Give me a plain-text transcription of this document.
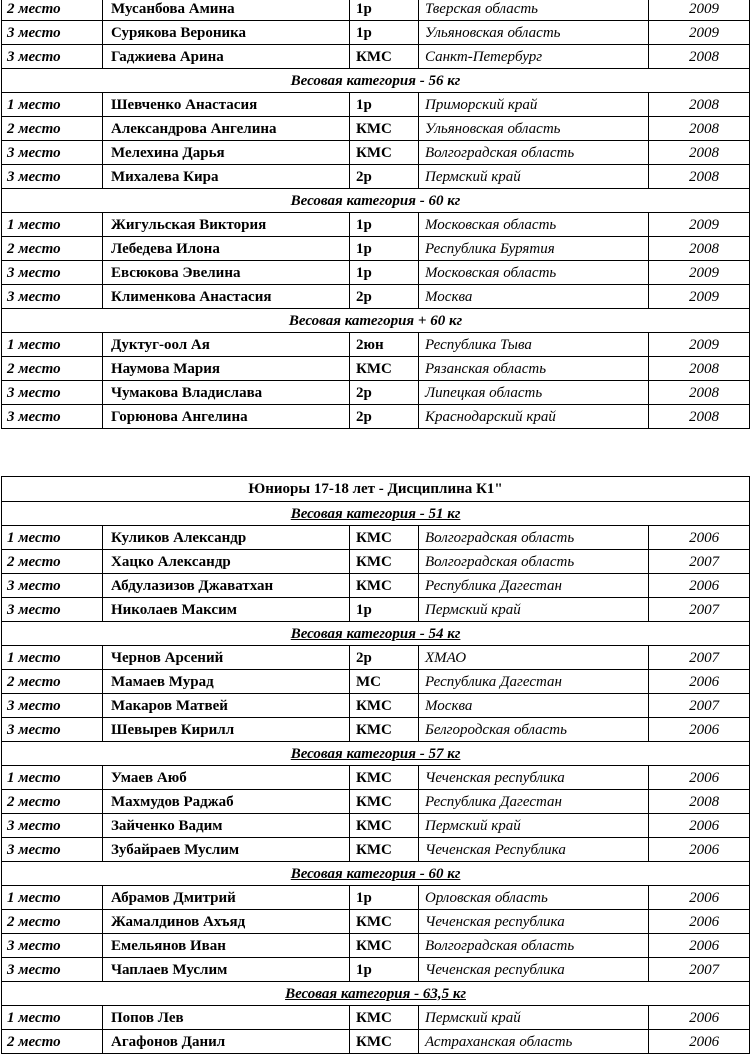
2 место	Мусанбова Амина	1р	Тверская область	2009
3 место	Сурякова Вероника	1р	Ульяновская область	2009
3 место	Гаджиева Арина	КМС	Санкт-Петербург	2008
Весовая категория - 56 кг				
1 место	Шевченко Анастасия	1р	Приморский край	2008
2 место	Александрова Ангелина	КМС	Ульяновская область	2008
3 место	Мелехина Дарья	КМС	Волгоградская область	2008
3 место	Михалева Кира	2р	Пермский край	2008
Весовая категория - 60 кг				
1 место	Жигульская Виктория	1р	Московская область	2009
2 место	Лебедева Илона	1р	Республика Бурятия	2008
3 место	Евсюкова Эвелина	1р	Московская область	2009
3 место	Клименкова Анастасия	2р	Москва	2009
Весовая категория + 60 кг				
1 место	Дуктуг-оол Ая	2юн	Республика Тыва	2009
2 место	Наумова Мария	КМС	Рязанская область	2008
3 место	Чумакова Владислава	2р	Липецкая область	2008
3 место	Горюнова Ангелина	2р	Краснодарский край	2008
Юниоры 17-18 лет - Дисциплина К1"				
Весовая категория - 51 кг				
1 место	Куликов Александр	КМС	Волгоградская область	2006
2 место	Хацко Александр	КМС	Волгоградская область	2007
3 место	Абдулазизов Джаватхан	КМС	Республика Дагестан	2006
3 место	Николаев Максим	1р	Пермский край	2007
Весовая категория - 54 кг				
1 место	Чернов Арсений	2р	ХМАО	2007
2 место	Мамаев Мурад	МС	Республика Дагестан	2006
3 место	Макаров Матвей	КМС	Москва	2007
3 место	Шевырев Кирилл	КМС	Белгородская область	2006
Весовая категория - 57 кг				
1 место	Умаев Аюб	КМС	Чеченская республика	2006
2 место	Махмудов Раджаб	КМС	Республика Дагестан	2008
3 место	Зайченко Вадим	КМС	Пермский край	2006
3 место	Зубайраев Муслим	КМС	Чеченская Республика	2006
Весовая категория - 60 кг				
1 место	Абрамов Дмитрий	1р	Орловская область	2006
2 место	Жамалдинов Ахъяд	КМС	Чеченская республика	2006
3 место	Емельянов Иван	КМС	Волгоградская область	2006
3 место	Чаплаев Муслим	1р	Чеченская республика	2007
Весовая категория - 63,5 кг				
1 место	Попов Лев	КМС	Пермский край	2006
2 место	Агафонов Данил	КМС	Астраханская область	2006
